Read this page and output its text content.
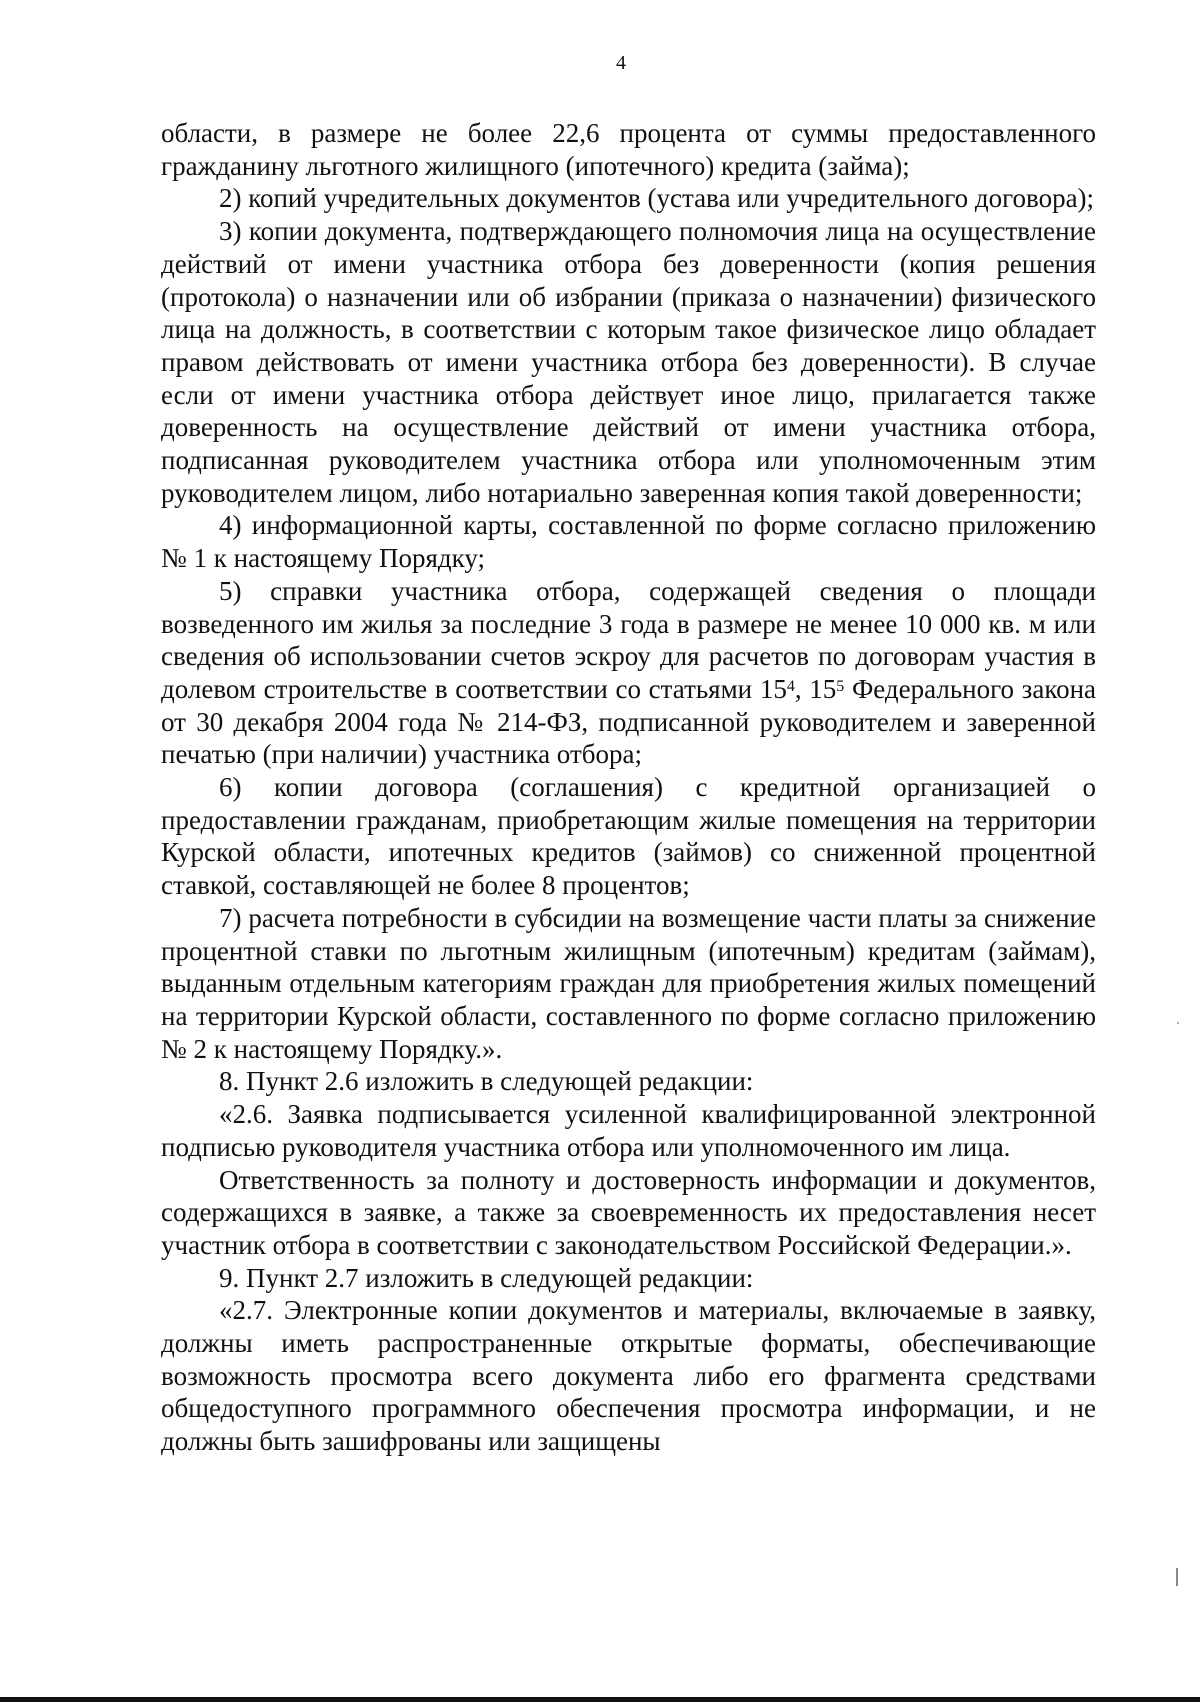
4

области, в размере не более 22,6 процента от суммы предоставленного гражданину льготного жилищного (ипотечного) кредита (займа);

2) копий учредительных документов (устава или учредительного договора);

3) копии документа, подтверждающего полномочия лица на осуществление действий от имени участника отбора без доверенности (копия решения (протокола) о назначении или об избрании (приказа о назначении) физического лица на должность, в соответствии с которым такое физическое лицо обладает правом действовать от имени участника отбора без доверенности). В случае если от имени участника отбора действует иное лицо, прилагается также доверенность на осуществление действий от имени участника отбора, подписанная руководителем участника отбора или уполномоченным этим руководителем лицом, либо нотариально заверенная копия такой доверенности;

4) информационной карты, составленной по форме согласно приложению № 1 к настоящему Порядку;

5) справки участника отбора, содержащей сведения о площади возведенного им жилья за последние 3 года в размере не менее 10 000 кв. м или сведения об использовании счетов эскроу для расчетов по договорам участия в долевом строительстве в соответствии со статьями $15^4$, $15^5$ Федерального закона от 30 декабря 2004 года № 214-ФЗ, подписанной руководителем и заверенной печатью (при наличии) участника отбора;

6) копии договора (соглашения) с кредитной организацией о предоставлении гражданам, приобретающим жилые помещения на территории Курской области, ипотечных кредитов (займов) со сниженной процентной ставкой, составляющей не более 8 процентов;

7) расчета потребности в субсидии на возмещение части платы за снижение процентной ставки по льготным жилищным (ипотечным) кредитам (займам), выданным отдельным категориям граждан для приобретения жилых помещений на территории Курской области, составленного по форме согласно приложению № 2 к настоящему Порядку.».

8. Пункт 2.6 изложить в следующей редакции:

«2.6. Заявка подписывается усиленной квалифицированной электронной подписью руководителя участника отбора или уполномоченного им лица.

Ответственность за полноту и достоверность информации и документов, содержащихся в заявке, а также за своевременность их предоставления несет участник отбора в соответствии с законодательством Российской Федерации.».

9. Пункт 2.7 изложить в следующей редакции:

«2.7. Электронные копии документов и материалы, включаемые в заявку, должны иметь распространенные открытые форматы, обеспечивающие возможность просмотра всего документа либо его фрагмента средствами общедоступного программного обеспечения просмотра информации, и не должны быть зашифрованы или защищены
